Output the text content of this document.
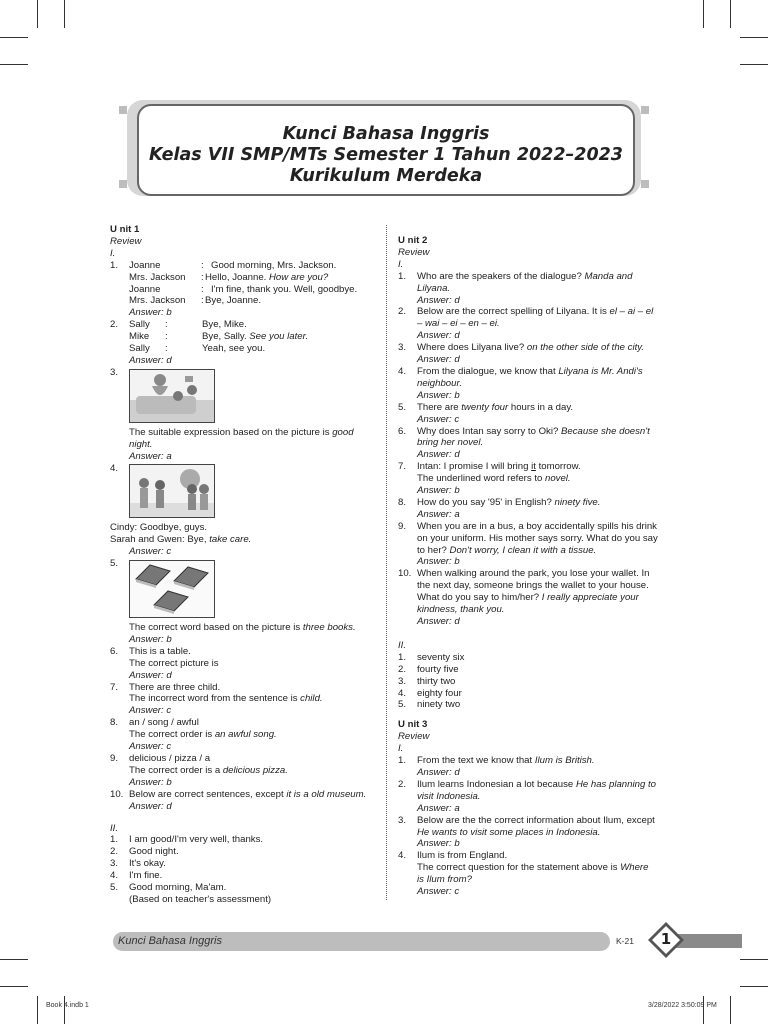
Kunci Bahasa Inggris
Kelas VII SMP/MTs Semester 1 Tahun 2022–2023
Kurikulum Merdeka
U nit 1
Review
I.
1. Joanne	: Good morning, Mrs. Jackson.
Mrs. Jackson :Hello, Joanne. How are you?
Joanne	: I'm fine, thank you. Well, goodbye.
Mrs. Jackson :Bye, Joanne.
Answer: b
2. Sally :	Bye, Mike.
Mike :	Bye, Sally. See you later.
Sally :	Yeah, see you.
Answer: d
3.
The suitable expression based on the picture is good
night.
Answer: a
4.
Cindy: Goodbye, guys.
Sarah and Gwen: Bye, take care.
Answer: c
5.
The correct word based on the picture is three books.
Answer: b
6. This is a table.
The correct picture is
Answer: d
7. There are three child.
The incorrect word from the sentence is child.
Answer: c
8. an / song / awful
The correct order is an awful song.
Answer: c
9. delicious / pizza / a
The correct order is a delicious pizza.
Answer: b
10. Below are correct sentences, except it is a old museum.
Answer: d
II.
1. I am good/I'm very well, thanks.
2. Good night.
3. It's okay.
4. I'm fine.
5. Good morning, Ma'am.
(Based on teacher's assessment)
U nit 2
Review
I.
1. Who are the speakers of the dialogue? Manda and
Lilyana.
Answer: d
2. Below are the correct spelling of Lilyana. It is el – ai – el
– wai – ei – en – ei.
Answer: d
3. Where does Lilyana live? on the other side of the city.
Answer: d
4. From the dialogue, we know that Lilyana is Mr. Andi's
neighbour.
Answer: b
5. There are twenty four hours in a day.
Answer: c
6. Why does Intan say sorry to Oki? Because she doesn't
bring her novel.
Answer: d
7. Intan: I promise I will bring it tomorrow.
The underlined word refers to novel.
Answer: b
8. How do you say '95' in English? ninety five.
Answer: a
9. When you are in a bus, a boy accidentally spills his drink
on your uniform. His mother says sorry. What do you say
to her? Don't worry, I clean it with a tissue.
Answer: b
10. When walking around the park, you lose your wallet. In
the next day, someone brings the wallet to your house.
What do you say to him/her? I really appreciate your
kindness, thank you.
Answer: d
II.
1. seventy six
2. fourty five
3. thirty two
4. eighty four
5. ninety two
U nit 3
Review
I.
1. From the text we know that Ilum is British.
Answer: d
2. Ilum learns Indonesian a lot because He has planning to
visit Indonesia.
Answer: a
3. Below are the the correct information about Ilum, except
He wants to visit some places in Indonesia.
Answer: b
4. Ilum is from England.
The correct question for the statement above is Where
is Ilum from?
Answer: c
Kunci Bahasa Inggris	K-21	1
Book 4.indb 1	3/28/2022 3:50:09 PM
